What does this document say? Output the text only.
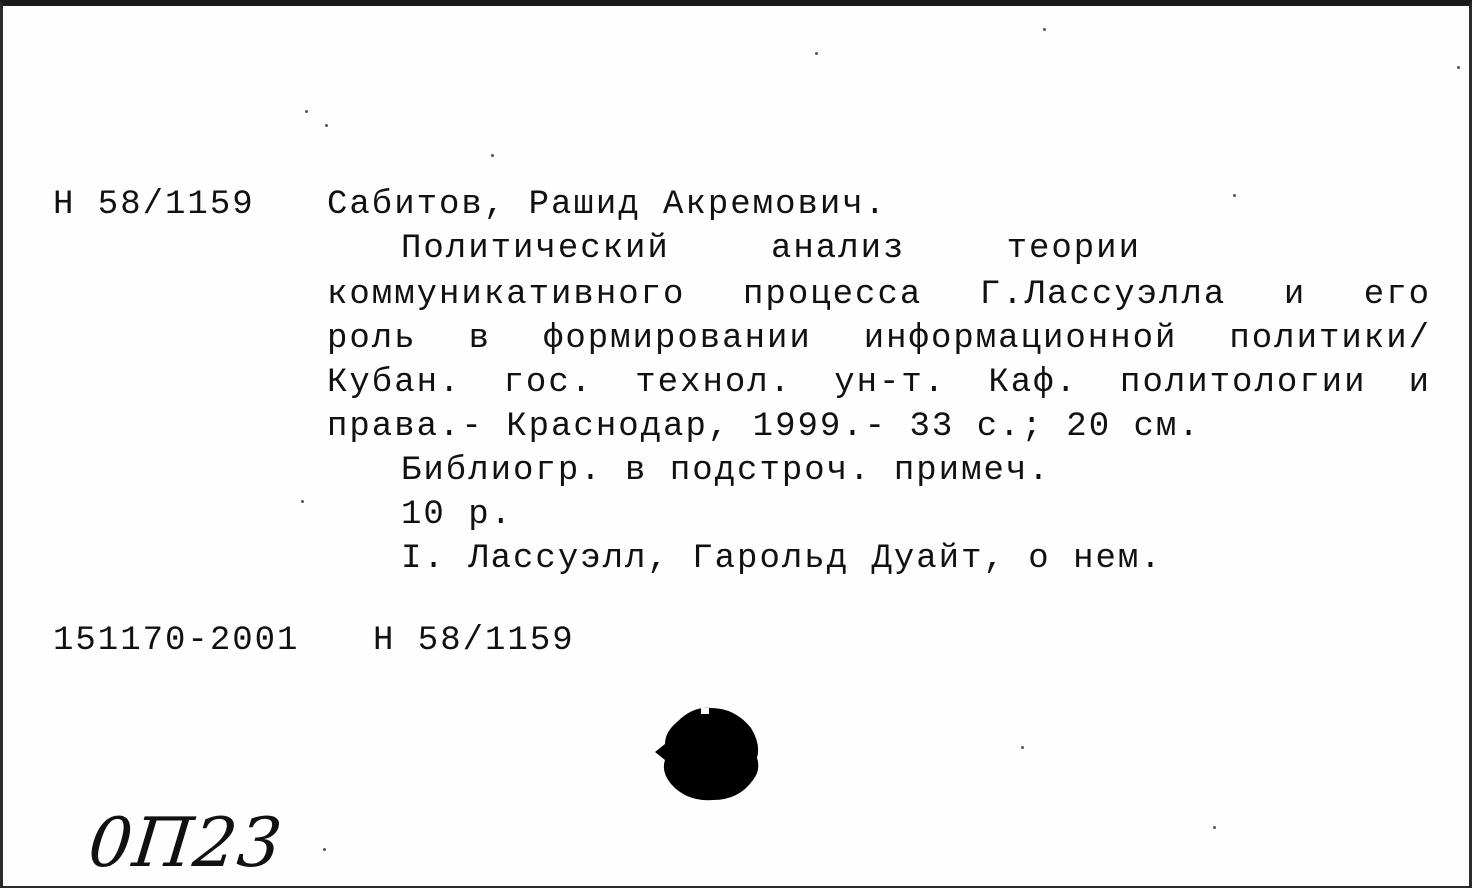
Н 58/1159 Сабитов, Рашид Акремович.
Политический анализ теории
коммуникативного процесса Г.Лассуэлла и его
роль в формировании информационной политики/
Кубан. гос. технол. ун-т. Каф. политологии и
права.- Краснодар, 1999.- 33 с.; 20 см.
Библиогр. в подстроч. примеч.
10 р.
I. Лассуэлл, Гарольд Дуайт, о нем.
151170-2001 Н 58/1159
0П23
